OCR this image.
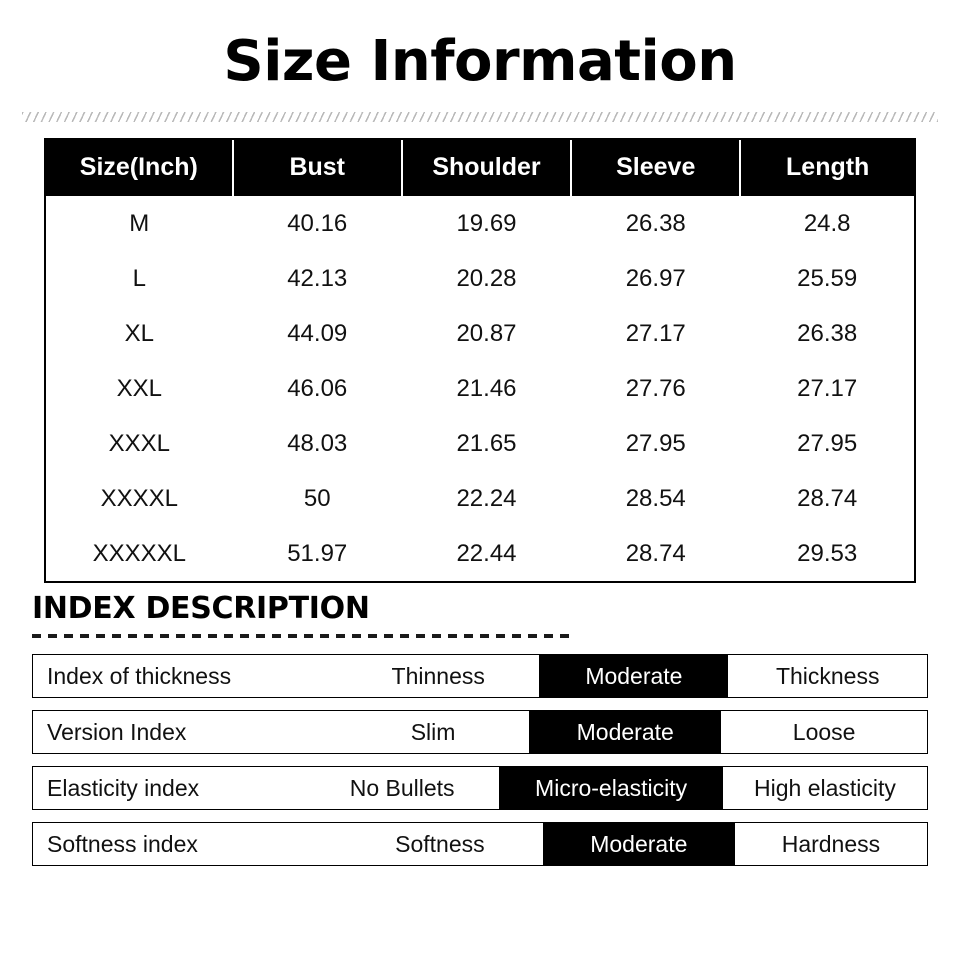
Size Information
Size(Inch)	Bust	Shoulder	Sleeve	Length
M	40.16	19.69	26.38	24.8
L	42.13	20.28	26.97	25.59
XL	44.09	20.87	27.17	26.38
XXL	46.06	21.46	27.76	27.17
XXXL	48.03	21.65	27.95	27.95
XXXXL	50	22.24	28.54	28.74
XXXXXL	51.97	22.44	28.74	29.53
INDEX DESCRIPTION
Index of thickness	Thinness	Moderate	Thickness
Version Index	Slim	Moderate	Loose
Elasticity index	No Bullets	Micro-elasticity	High elasticity
Softness index	Softness	Moderate	Hardness
